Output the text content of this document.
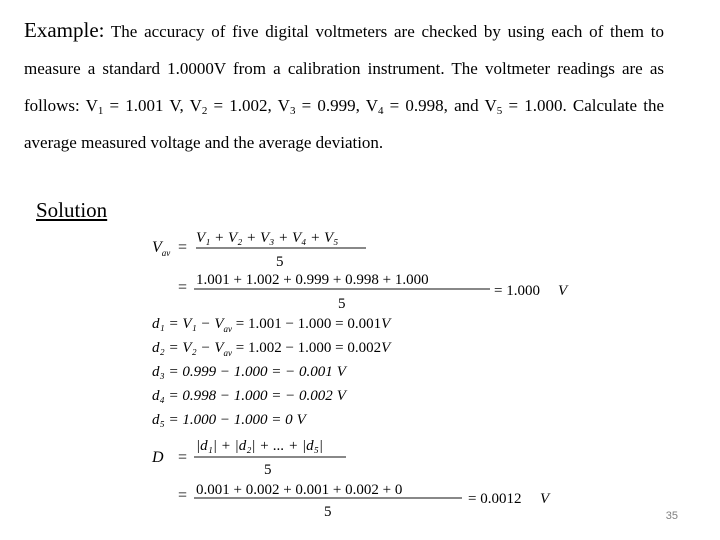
Example: The accuracy of five digital voltmeters are checked by using each of them to measure a standard 1.0000V from a calibration instrument. The voltmeter readings are as follows: $V_1 = 1.001$ V, $V_2 = 1.002$, $V_3 = 0.999$, $V_4 = 0.998$, and $V_5 = 1.000$. Calculate the average measured voltage and the average deviation.
Solution
$V_{av}$ =
V₁ + V₂ + V₃ + V₄ + V₅
5
= 1.001 + 1.002 + 0.999 + 0.998 + 1.000
5
= 1.000 V
$d_1 = V_1 - V_{av} = 1.001 - 1.000 = 0.001V$
$d_2 = V_2 - V_{av} = 1.002 - 1.000 = 0.002V$
d₃ = 0.999 − 1.000 = − 0.001 V
d₄ = 0.998 − 1.000 = − 0.002 V
d₅ = 1.000 − 1.000 = 0 V
D =
|d₁| + |d₂| + ... + |d₅|
5
= 0.001 + 0.002 + 0.001 + 0.002 + 0
5
= 0.0012 V
35
